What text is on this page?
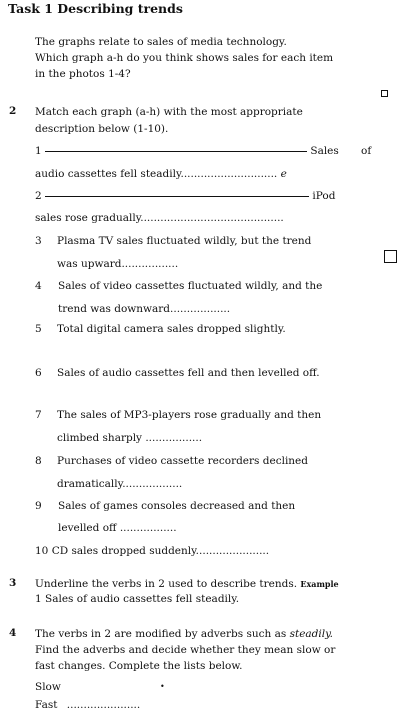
Task 1 Describing trends
The graphs relate to sales of media technology.
Which graph a-h do you think shows sales for each item
in the photos 1-4?
2 Match each graph (a-h) with the most appropriate
description below (1-10).
1	Sales of
audio cassettes fell steadily............................. e
2	iPod
sales rose gradually...........................................
3 Plasma TV sales fluctuated wildly, but the trend
was upward.................
4 Sales of video cassettes fluctuated wildly, and the
trend was downward..................
5 Total digital camera sales dropped slightly.
6 Sales of audio cassettes fell and then levelled off.
7 The sales of MP3-players rose gradually and then
climbed sharply .................
8 Purchases of video cassette recorders declined
dramatically..................
9 Sales of games consoles decreased and then
levelled off .................
10 CD sales dropped suddenly......................
3 Underline the verbs in 2 used to describe trends. Example
1 Sales of audio cassettes fell steadily.
4 The verbs in 2 are modified by adverbs such as steadily.
Find the adverbs and decide whether they mean slow or
fast changes. Complete the lists below.
Slow	•
Fast ......................
